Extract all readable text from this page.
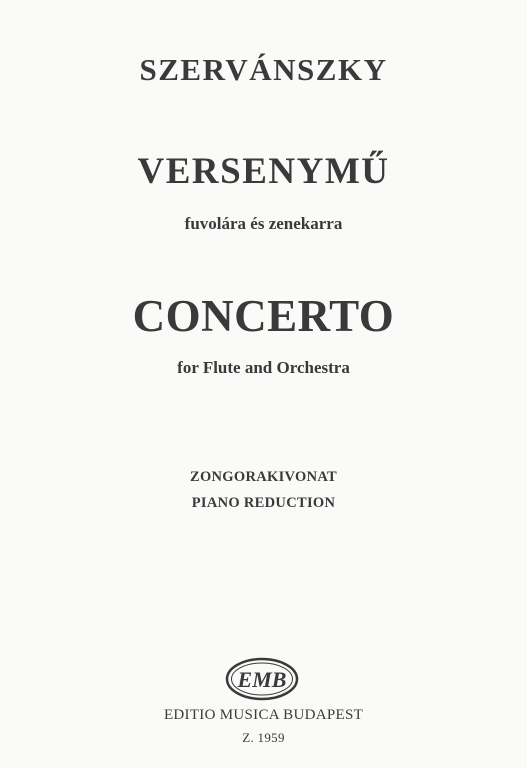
SZERVÁNSZKY
VERSENYMŰ
fuvolára és zenekarra
CONCERTO
for Flute and Orchestra
ZONGORAKIVONAT
PIANO REDUCTION
EMB
EDITIO MUSICA BUDAPEST
Z. 1959
